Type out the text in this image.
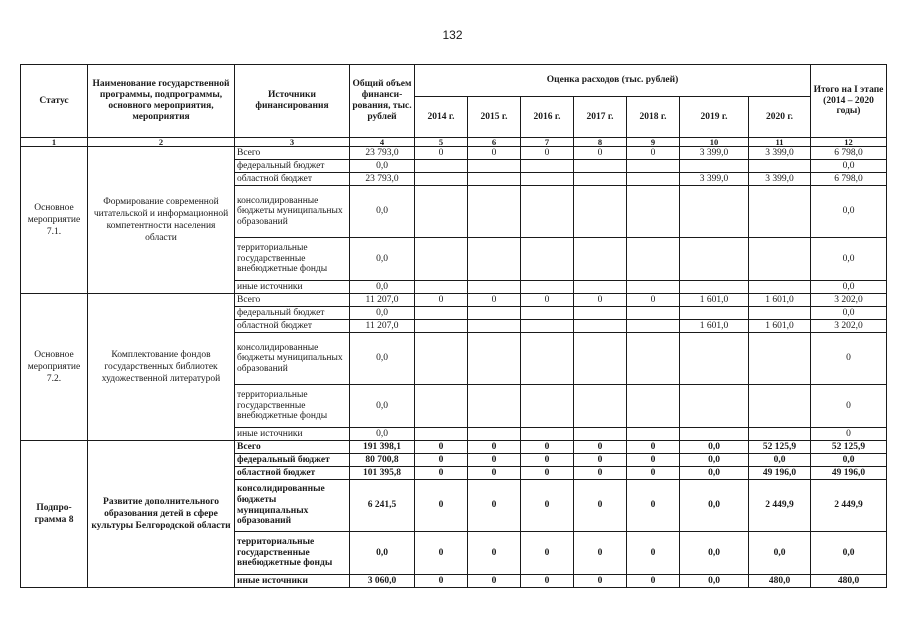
132
Статус	Наименование государственной программы, подпрограммы, основного мероприятия, мероприятия	Источники финансирования	Общий объем финанси-рования, тыс. рублей	Оценка расходов (тыс. рублей)							Итого на I этапе (2014 – 2020 годы)
				2014 г.	2015 г.	2016 г.	2017 г.	2018 г.	2019 г.	2020 г.	
1	2	3	4	5	6	7	8	9	10	11	12
Основное мероприятие 7.1.	Формирование современной читательской и информационной компетентности населения области	Всего	23 793,0	0	0	0	0	0	3 399,0	3 399,0	6 798,0
		федеральный бюджет	0,0								0,0
		областной бюджет	23 793,0						3 399,0	3 399,0	6 798,0
		консолидированные бюджеты муниципальных образований	0,0								0,0
		территориальные государственные внебюджетные фонды	0,0								0,0
		иные источники	0,0								0,0
Основное мероприятие 7.2.	Комплектование фондов государственных библиотек художественной литературой	Всего	11 207,0	0	0	0	0	0	1 601,0	1 601,0	3 202,0
		федеральный бюджет	0,0								0,0
		областной бюджет	11 207,0						1 601,0	1 601,0	3 202,0
		консолидированные бюджеты муниципальных образований	0,0								0
		территориальные государственные внебюджетные фонды	0,0								0
		иные источники	0,0								0
Подпро-грамма 8	Развитие дополнительного образования детей в сфере культуры Белгородской области	Всего	191 398,1	0	0	0	0	0	0,0	52 125,9	52 125,9
		федеральный бюджет	80 700,8	0	0	0	0	0	0,0	0,0	0,0
		областной бюджет	101 395,8	0	0	0	0	0	0,0	49 196,0	49 196,0
		консолидированные бюджеты муниципальных образований	6 241,5	0	0	0	0	0	0,0	2 449,9	2 449,9
		территориальные государственные внебюджетные фонды	0,0	0	0	0	0	0	0,0	0,0	0,0
		иные источники	3 060,0	0	0	0	0	0	0,0	480,0	480,0
